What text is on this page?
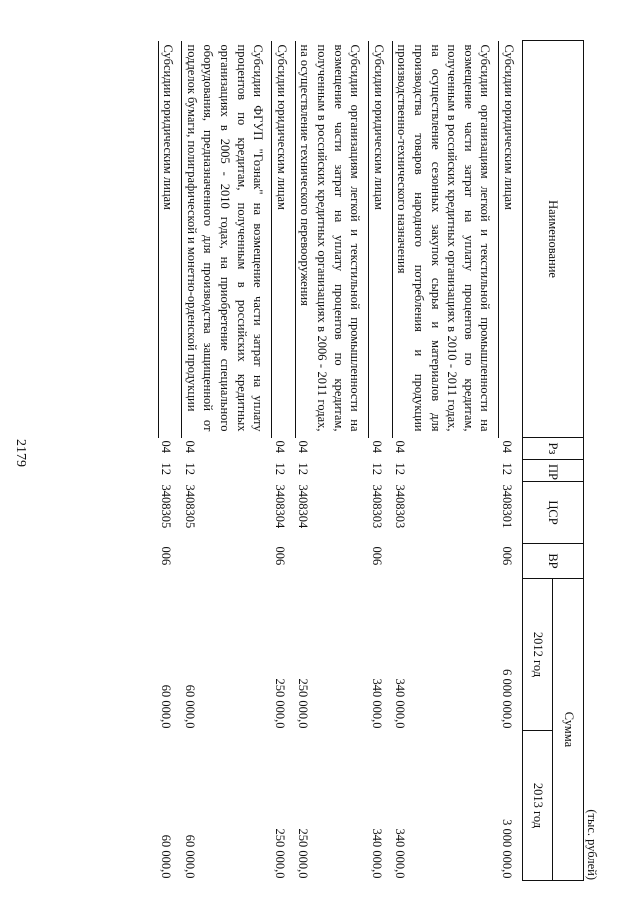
2179
(тыс. рублей)
Наименование	Рз	ПР	ЦСР	ВР	Сумма	
					2012 год	2013 год
Субсидии юридическим лицам	04	12	3408301	006	6 000 000,0	3 000 000,0
Субсидии организациям легкой и текстильной промышленности на возмещение части затрат на уплату процентов по кредитам, полученным в российских кредитных организациях в 2010 - 2011 годах, на осуществление сезонных закупок сырья и материалов для производства товаров народного потребления и продукции производственно-технического назначения	04	12	3408303		340 000,0	340 000,0
Субсидии юридическим лицам	04	12	3408303	006	340 000,0	340 000,0
Субсидии организациям легкой и текстильной промышленности на возмещение части затрат на уплату процентов по кредитам, полученным в российских кредитных организациях в 2006 - 2011 годах, на осуществление технического перевооружения	04	12	3408304		250 000,0	250 000,0
Субсидии юридическим лицам	04	12	3408304	006	250 000,0	250 000,0
Субсидии ФГУП "Гознак" на возмещение части затрат на уплату процентов по кредитам, полученным в российских кредитных организациях в 2005 - 2010 годах, на приобретение специального оборудования, предназначенного для производства защищенной от подделок бумаги, полиграфической и монетно-орденской продукции	04	12	3408305		60 000,0	60 000,0
Субсидии юридическим лицам	04	12	3408305	006	60 000,0	60 000,0
